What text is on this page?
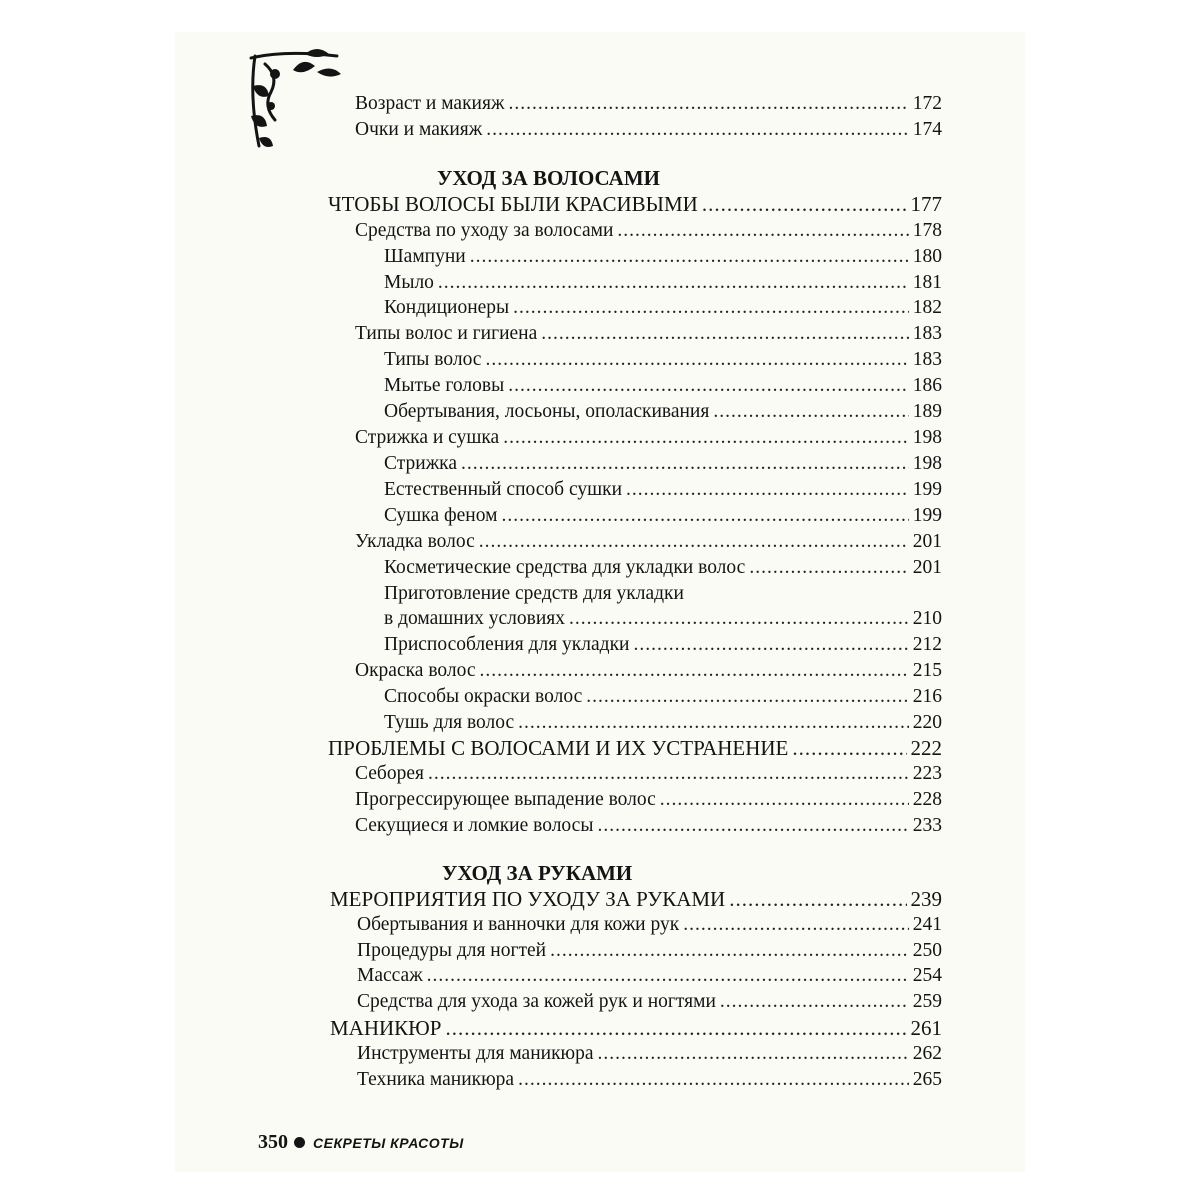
Возраст и макияж .....	172
Очки и макияж .....	174
УХОД ЗА ВОЛОСАМИ
ЧТОБЫ ВОЛОСЫ БЫЛИ КРАСИВЫМИ .....	177
Средства по уходу за волосами .....	178
Шампуни .....	180
Мыло .....	181
Кондиционеры .....	182
Типы волос и гигиена .....	183
Типы волос .....	183
Мытье головы .....	186
Обертывания, лосьоны, ополаскивания .....	189
Стрижка и сушка .....	198
Стрижка .....	198
Естественный способ сушки .....	199
Сушка феном .....	199
Укладка волос .....	201
Косметические средства для укладки волос .....	201
Приготовление средств для укладки
в домашних условиях .....	210
Приспособления для укладки .....	212
Окраска волос .....	215
Способы окраски волос .....	216
Тушь для волос .....	220
ПРОБЛЕМЫ С ВОЛОСАМИ И ИХ УСТРАНЕНИЕ .....	222
Себорея .....	223
Прогрессирующее выпадение волос .....	228
Секущиеся и ломкие волосы .....	233
УХОД ЗА РУКАМИ
МЕРОПРИЯТИЯ ПО УХОДУ ЗА РУКАМИ .....	239
Обертывания и ванночки для кожи рук .....	241
Процедуры для ногтей .....	250
Массаж .....	254
Средства для ухода за кожей рук и ногтями .....	259
МАНИКЮР .....	261
Инструменты для маникюра .....	262
Техника маникюра .....	265
350 СЕКРЕТЫ КРАСОТЫ
